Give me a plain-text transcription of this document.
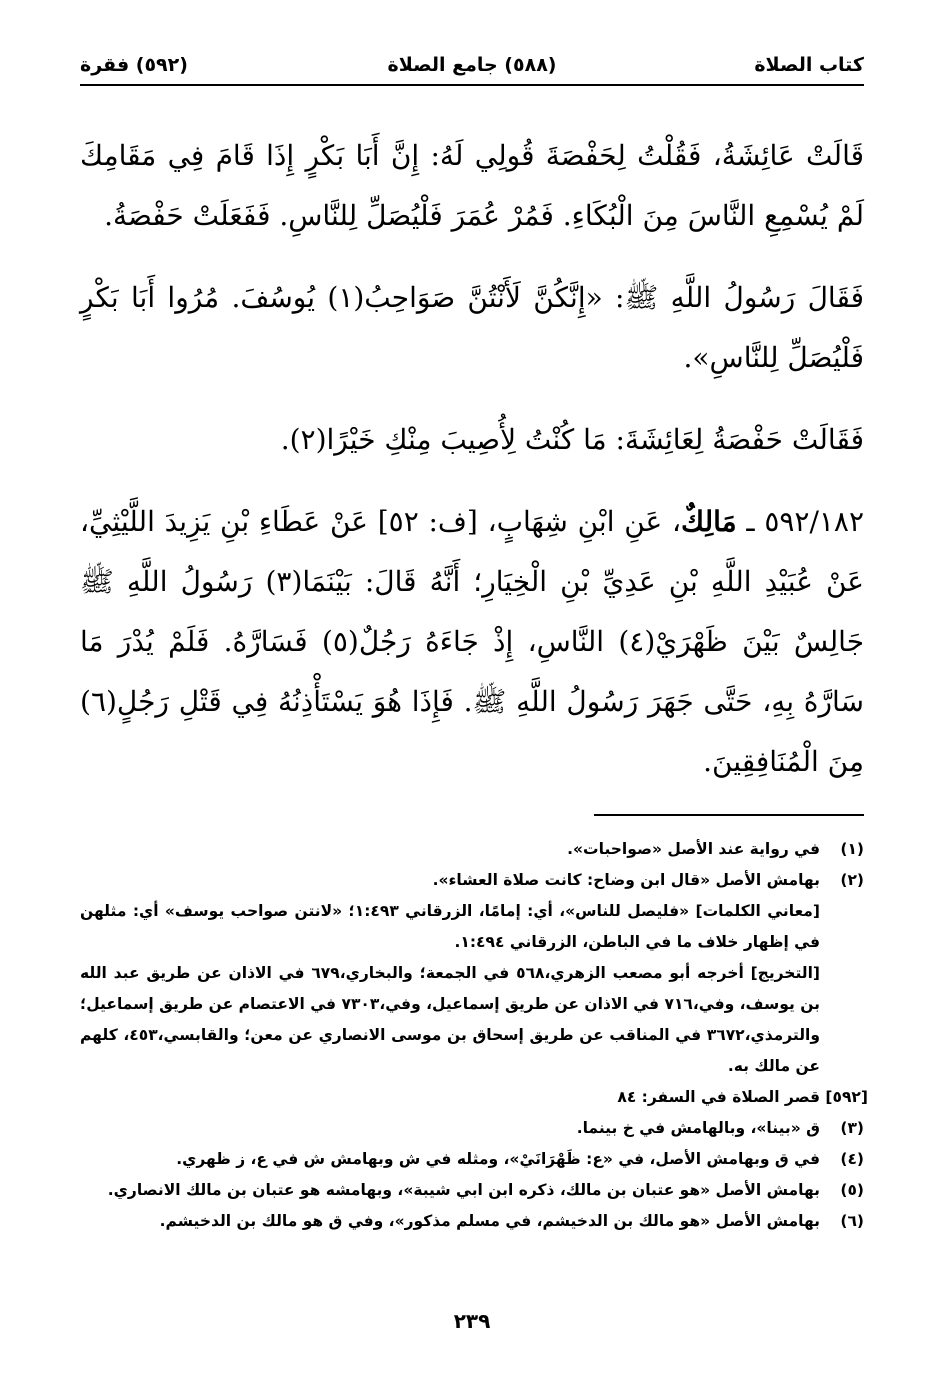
كتاب الصلاة
(٥٨٨) جامع الصلاة
(٥٩٢) فقرة

قَالَتْ عَائِشَةُ، فَقُلْتُ لِحَفْصَةَ قُولِي لَهُ: إِنَّ أَبَا بَكْرٍ إِذَا قَامَ فِي مَقَامِكَ لَمْ يُسْمِعِ النَّاسَ مِنَ الْبُكَاءِ. فَمُرْ عُمَرَ فَلْيُصَلِّ لِلنَّاسِ. فَفَعَلَتْ حَفْصَةُ.

فَقَالَ رَسُولُ اللَّهِ ﷺ: «إِنَّكُنَّ لَأَنْتُنَّ صَوَاحِبُ(١) يُوسُفَ. مُرُوا أَبَا بَكْرٍ فَلْيُصَلِّ لِلنَّاسِ».

فَقَالَتْ حَفْصَةُ لِعَائِشَةَ: مَا كُنْتُ لِأُصِيبَ مِنْكِ خَيْرًا(٢).

٥٩٢/١٨٢ ـ مَالِكٌ، عَنِ ابْنِ شِهَابٍ، [ف: ٥٢] عَنْ عَطَاءِ بْنِ يَزِيدَ اللَّيْثِيِّ، عَنْ عُبَيْدِ اللَّهِ بْنِ عَدِيِّ بْنِ الْخِيَارِ؛ أَنَّهُ قَالَ: بَيْنَمَا(٣) رَسُولُ اللَّهِ ﷺ جَالِسٌ بَيْنَ ظَهْرَيْ(٤) النَّاسِ، إِذْ جَاءَهُ رَجُلٌ(٥) فَسَارَّهُ. فَلَمْ يُدْرَ مَا سَارَّهُ بِهِ، حَتَّى جَهَرَ رَسُولُ اللَّهِ ﷺ. فَإِذَا هُوَ يَسْتَأْذِنُهُ فِي قَتْلِ رَجُلٍ(٦) مِنَ الْمُنَافِقِينَ.

(١)
في رواية عند الأصل «صواحبات».
(٢)
بهامش الأصل «قال ابن وضاح: كانت صلاة العشاء».
[معاني الكلمات] «فليصل للناس»، أي: إمامًا، الزرقاني ١:٤٩٣؛ «لانتن صواحب يوسف» أي: مثلهن في إظهار خلاف ما في الباطن، الزرقاني ١:٤٩٤.
[التخريج] أخرجه أبو مصعب الزهري،٥٦٨ في الجمعة؛ والبخاري،٦٧٩ في الاذان عن طريق عبد الله بن يوسف، وفي،٧١٦ في الاذان عن طريق إسماعيل، وفي،٧٣٠٣ في الاعتصام عن طريق إسماعيل؛ والترمذي،٣٦٧٢ في المناقب عن طريق إسحاق بن موسى الانصاري عن معن؛ والقابسي،٤٥٣، كلهم عن مالك به.
[٥٩٢]
قصر الصلاة في السفر: ٨٤
(٣)
ق «بينا»، وبالهامش في خ بينما.
(٤)
في ق وبهامش الأصل، في «ع: ظَهْرَانَيْ»، ومثله في ش وبهامش ش في ع، ز ظهري.
(٥)
بهامش الأصل «هو عتبان بن مالك، ذكره ابن ابي شيبة»، وبهامشه هو عتبان بن مالك الانصاري.
(٦)
بهامش الأصل «هو مالك بن الدخيشم، في مسلم مذكور»، وفي ق هو مالك بن الدخيشم.
٢٣٩
